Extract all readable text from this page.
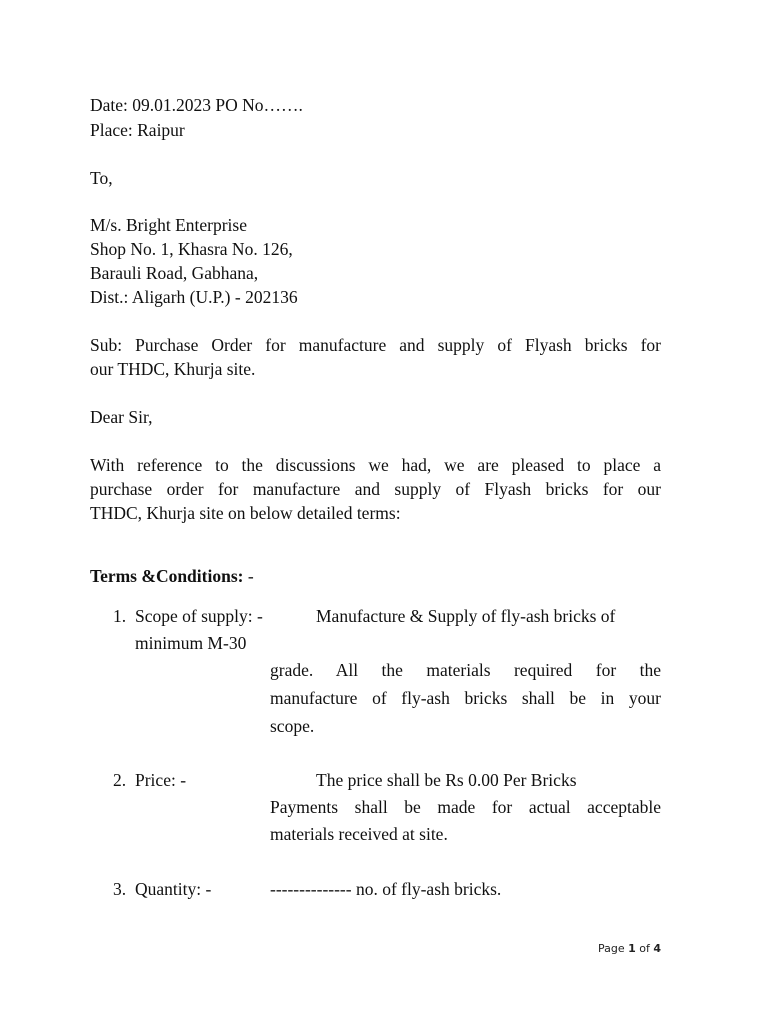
Date: 09.01.2023 PO No…….
Place: Raipur
To,
M/s. Bright Enterprise
Shop No. 1, Khasra No. 126,
Barauli Road, Gabhana,
Dist.: Aligarh (U.P.) - 202136
Sub: Purchase Order for manufacture and supply of Flyash bricks for
our THDC, Khurja site.
Dear Sir,
With reference to the discussions we had, we are pleased to place a
purchase order for manufacture and supply of Flyash bricks for our
THDC, Khurja site on below detailed terms:
Terms &Conditions: -
1. Scope of supply: -	Manufacture & Supply of fly-ash bricks of
minimum M-30
grade. All the materials required for the
manufacture of fly-ash bricks shall be in your
scope.
2. Price: -	The price shall be Rs 0.00 Per Bricks
Payments shall be made for actual acceptable
materials received at site.
3. Quantity: -	-------------- no. of fly-ash bricks.
Page 1 of 4
